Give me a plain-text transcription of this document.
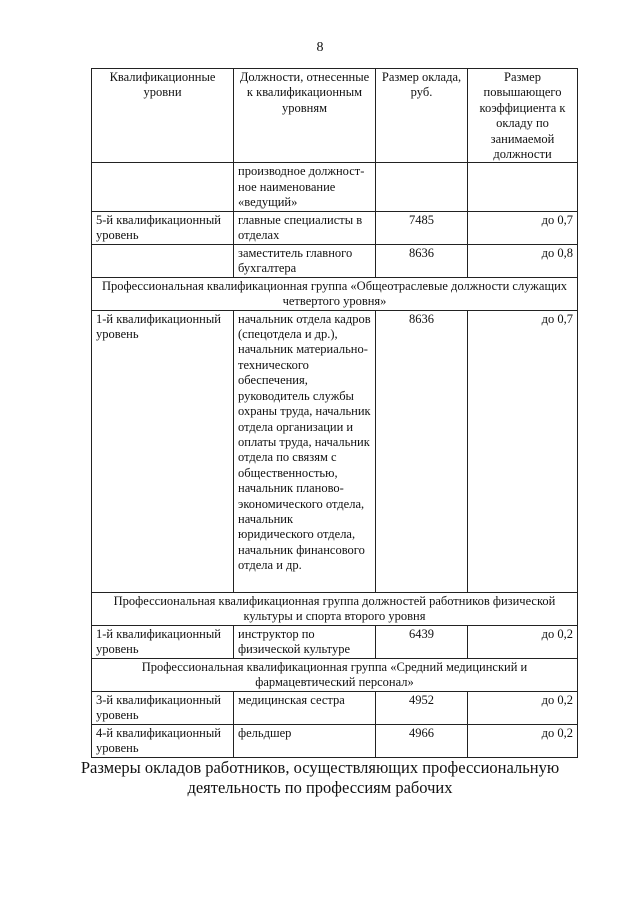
8
Квалификационные уровни	Должности, отнесенные к квалификационным уровням	Размер оклада, руб.	Размер повышающего коэффициента к окладу по занимаемой должности
	производное должност-ное наименование «ведущий»		
5-й квалификационный уровень	главные специалисты в отделах	7485	до 0,7
	заместитель главного бухгалтера	8636	до 0,8
Профессиональная квалификационная группа «Общеотраслевые должности служащих четвертого уровня»			
1-й квалификационный уровень	начальник отдела кадров (спецотдела и др.), начальник материально-технического обеспечения, руководитель службы охраны труда, начальник отдела организации и оплаты труда, начальник отдела по связям с общественностью, начальник планово-экономического отдела, начальник юридического отдела, начальник финансового отдела и др.	8636	до 0,7
Профессиональная квалификационная группа должностей работников физической культуры и спорта второго уровня			
1-й квалификационный уровень	инструктор по физической культуре	6439	до 0,2
Профессиональная квалификационная группа «Средний медицинский и фармацевтический персонал»			
3-й квалификационный уровень	медицинская сестра	4952	до 0,2
4-й квалификационный уровень	фельдшер	4966	до 0,2
Размеры окладов работников, осуществляющих профессиональную деятельность по профессиям рабочих
